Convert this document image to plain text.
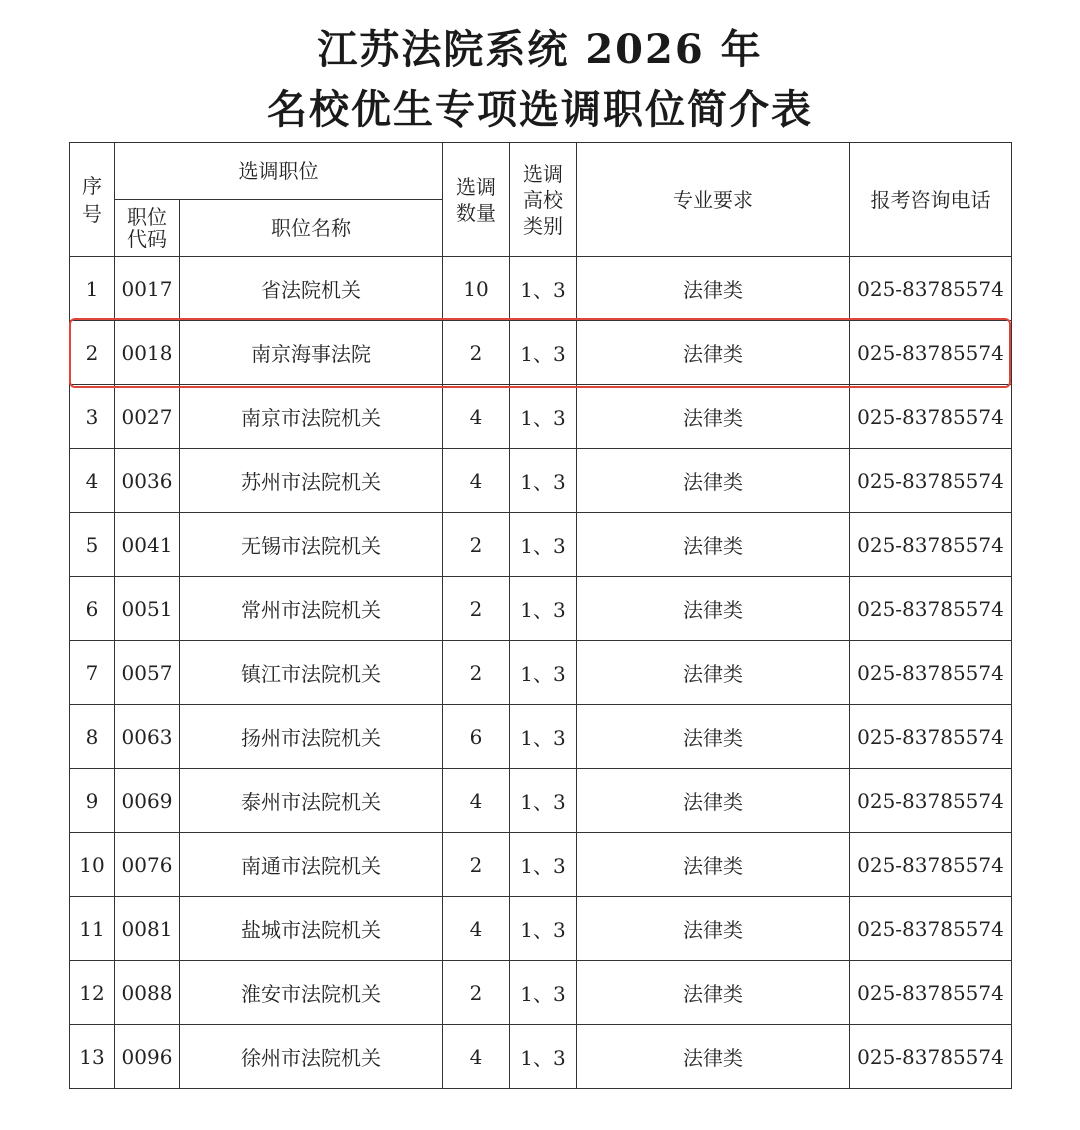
江苏法院系统 2026 年
名校优生专项选调职位简介表
序号	选调职位		选调数量	选调高校类别	专业要求	报考咨询电话

	职位代码	职位名称				
1	0017	省法院机关	10	1、3	法律类	025-83785574
2	0018	南京海事法院	2	1、3	法律类	025-83785574
3	0027	南京市法院机关	4	1、3	法律类	025-83785574
4	0036	苏州市法院机关	4	1、3	法律类	025-83785574
5	0041	无锡市法院机关	2	1、3	法律类	025-83785574
6	0051	常州市法院机关	2	1、3	法律类	025-83785574
7	0057	镇江市法院机关	2	1、3	法律类	025-83785574
8	0063	扬州市法院机关	6	1、3	法律类	025-83785574
9	0069	泰州市法院机关	4	1、3	法律类	025-83785574
10	0076	南通市法院机关	2	1、3	法律类	025-83785574
11	0081	盐城市法院机关	4	1、3	法律类	025-83785574
12	0088	淮安市法院机关	2	1、3	法律类	025-83785574
13	0096	徐州市法院机关	4	1、3	法律类	025-83785574
